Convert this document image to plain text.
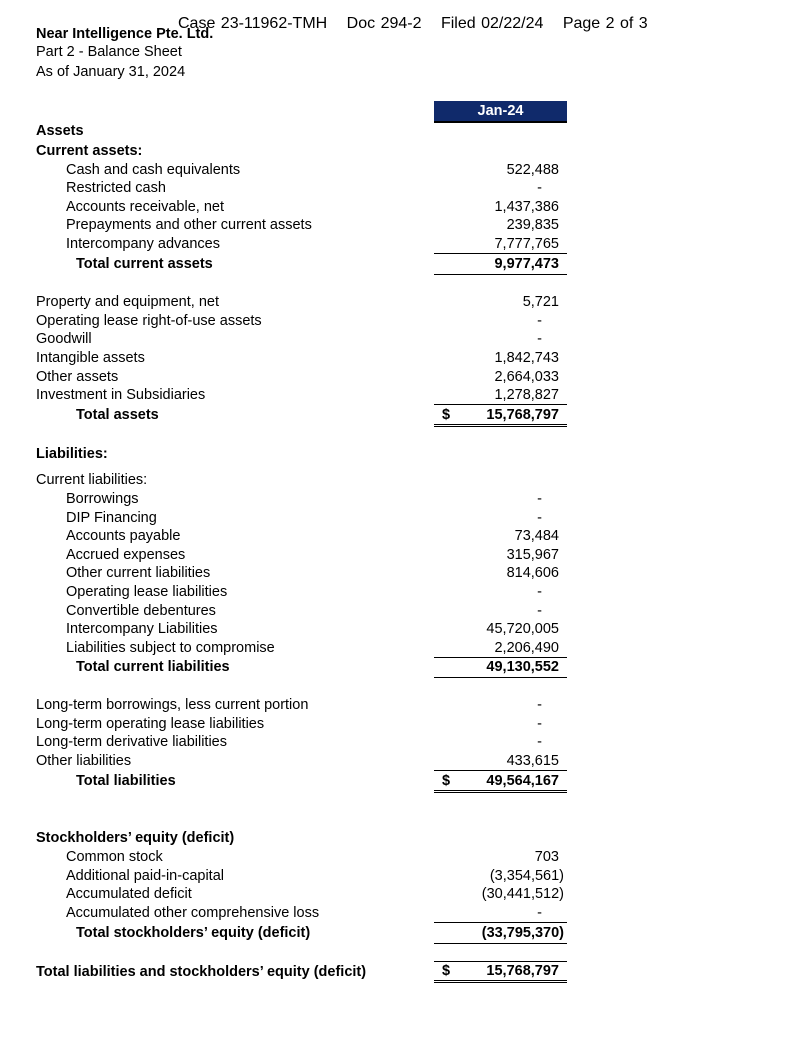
Case 23-11962-TMH Doc 294-2 Filed 02/22/24 Page 2 of 3
Near Intelligence Pte. Ltd.
Part 2 - Balance Sheet
As of January 31, 2024
Jan-24
Assets
Current assets:
Cash and cash equivalents	522,488
Restricted cash	-
Accounts receivable, net	1,437,386
Prepayments and other current assets	239,835
Intercompany advances	7,777,765
Total current assets	9,977,473
Property and equipment, net	5,721
Operating lease right-of-use assets	-
Goodwill	-
Intangible assets	1,842,743
Other assets	2,664,033
Investment in Subsidiaries	1,278,827
Total assets	$	15,768,797
Liabilities:
Current liabilities:
Borrowings	-
DIP Financing	-
Accounts payable	73,484
Accrued expenses	315,967
Other current liabilities	814,606
Operating lease liabilities	-
Convertible debentures	-
Intercompany Liabilities	45,720,005
Liabilities subject to compromise	2,206,490
Total current liabilities	49,130,552
Long-term borrowings, less current portion	-
Long-term operating lease liabilities	-
Long-term derivative liabilities	-
Other liabilities	433,615
Total liabilities	$	49,564,167
Stockholders’ equity (deficit)
Common stock	703
Additional paid-in-capital	(3,354,561)
Accumulated deficit	(30,441,512)
Accumulated other comprehensive loss	-
Total stockholders’ equity (deficit)	(33,795,370)
Total liabilities and stockholders’ equity (deficit)	$	15,768,797
